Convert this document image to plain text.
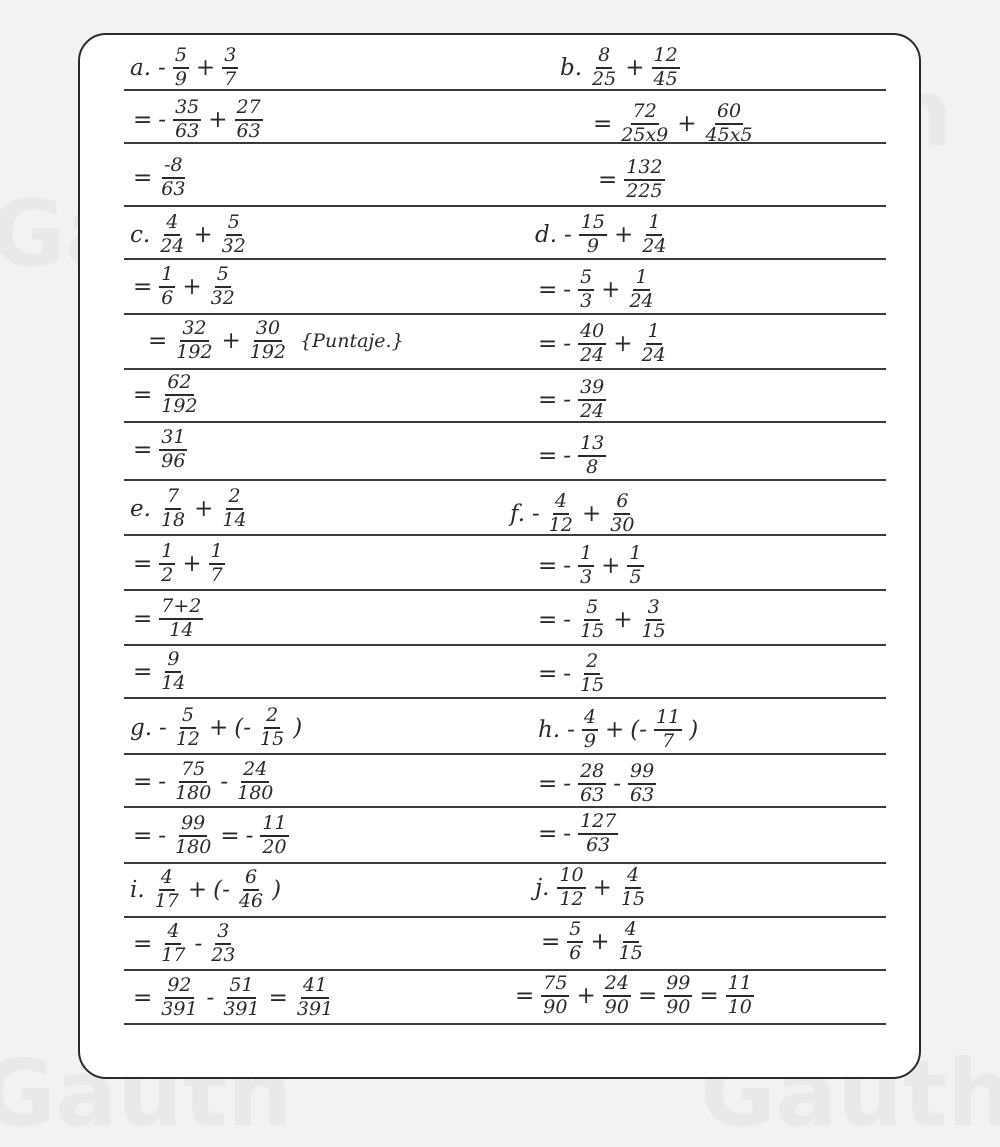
a. - $\frac{5}{9} + \frac{3}{7}$
= - $\frac{35}{63} + \frac{27}{63}$
= $\frac{-8}{63}$
b. $\frac{8}{25} + \frac{12}{45}$
= $\frac{72}{25x9} + \frac{60}{45x5}$
= $\frac{132}{225}$
c. $\frac{4}{24} + \frac{5}{32}$
= $\frac{1}{6} + \frac{5}{32}$
= $\frac{32}{192} + \frac{30}{192}$ {Puntaje.}
= $\frac{62}{192}$
= $\frac{31}{96}$
d. - $\frac{15}{9} + \frac{1}{24}$
= - $\frac{5}{3} + \frac{1}{24}$
= - $\frac{40}{24} + \frac{1}{24}$
= - $\frac{39}{24}$
= - $\frac{13}{8}$
e. $\frac{7}{18} + \frac{2}{14}$
= $\frac{1}{2} + \frac{1}{7}$
= $\frac{7+2}{14}$
= $\frac{9}{14}$
f. - $\frac{4}{12} + \frac{6}{30}$
= - $\frac{1}{3} + \frac{1}{5}$
= - $\frac{5}{15} + \frac{3}{15}$
= - $\frac{2}{15}$
g. - $\frac{5}{12}$ + (- $\frac{2}{15}$ )
= - $\frac{75}{180} - \frac{24}{180}$
= - $\frac{99}{180}$ = - $\frac{11}{20}$
h. - $\frac{4}{9}$ + (- $\frac{11}{7}$ )
= - $\frac{28}{63} - \frac{99}{63}$
= - $\frac{127}{63}$
i. $\frac{4}{17}$ + (- $\frac{6}{46}$ )
= $\frac{4}{17} - \frac{3}{23}$
= $\frac{92}{391} - \frac{51}{391} = \frac{41}{391}$
j. $\frac{10}{12} + \frac{4}{15}$
= $\frac{5}{6} + \frac{4}{15}$
= $\frac{75}{90} + \frac{24}{90} = \frac{99}{90} = \frac{11}{10}$
